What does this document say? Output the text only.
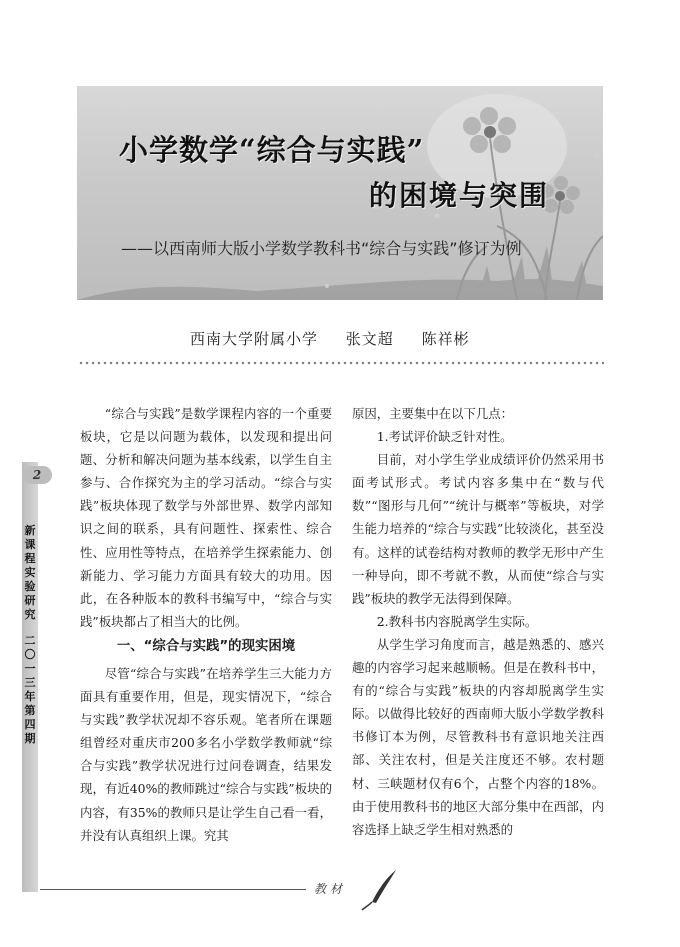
小学数学“综合与实践”
的困境与突围
——以西南师大版小学数学教科书“综合与实践”修订为例
西南大学附属小学 张文超 陈祥彬
2
新课程实验研究
二〇一三年第四期

“综合与实践”是数学课程内容的一个重要板块，它是以问题为载体，以发现和提出问题、分析和解决问题为基本线索，以学生自主参与、合作探究为主的学习活动。“综合与实践”板块体现了数学与外部世界、数学内部知识之间的联系，具有问题性、探索性、综合性、应用性等特点，在培养学生探索能力、创新能力、学习能力方面具有较大的功用。因此，在各种版本的教科书编写中，“综合与实践”板块都占了相当大的比例。

一、“综合与实践”的现实困境

尽管“综合与实践”在培养学生三大能力方面具有重要作用，但是，现实情况下，“综合与实践”教学状况却不容乐观。笔者所在课题组曾经对重庆市200多名小学数学教师就“综合与实践”教学状况进行过问卷调查，结果发现，有近40%的教师跳过“综合与实践”板块的内容，有35%的教师只是让学生自己看一看，并没有认真组织上课。究其

原因，主要集中在以下几点：

1.考试评价缺乏针对性。

目前，对小学生学业成绩评价仍然采用书面考试形式。考试内容多集中在“数与代数”“图形与几何”“统计与概率”等板块，对学生能力培养的“综合与实践”比较淡化，甚至没有。这样的试卷结构对教师的教学无形中产生一种导向，即不考就不教，从而使“综合与实践”板块的教学无法得到保障。

2.教科书内容脱离学生实际。

从学生学习角度而言，越是熟悉的、感兴趣的内容学习起来越顺畅。但是在教科书中，有的“综合与实践”板块的内容却脱离学生实际。以做得比较好的西南师大版小学数学教科书修订本为例，尽管教科书有意识地关注西部、关注农村，但是关注度还不够。农村题材、三峡题材仅有6个，占整个内容的18%。由于使用教科书的地区大部分集中在西部，内容选择上缺乏学生相对熟悉的

教材
